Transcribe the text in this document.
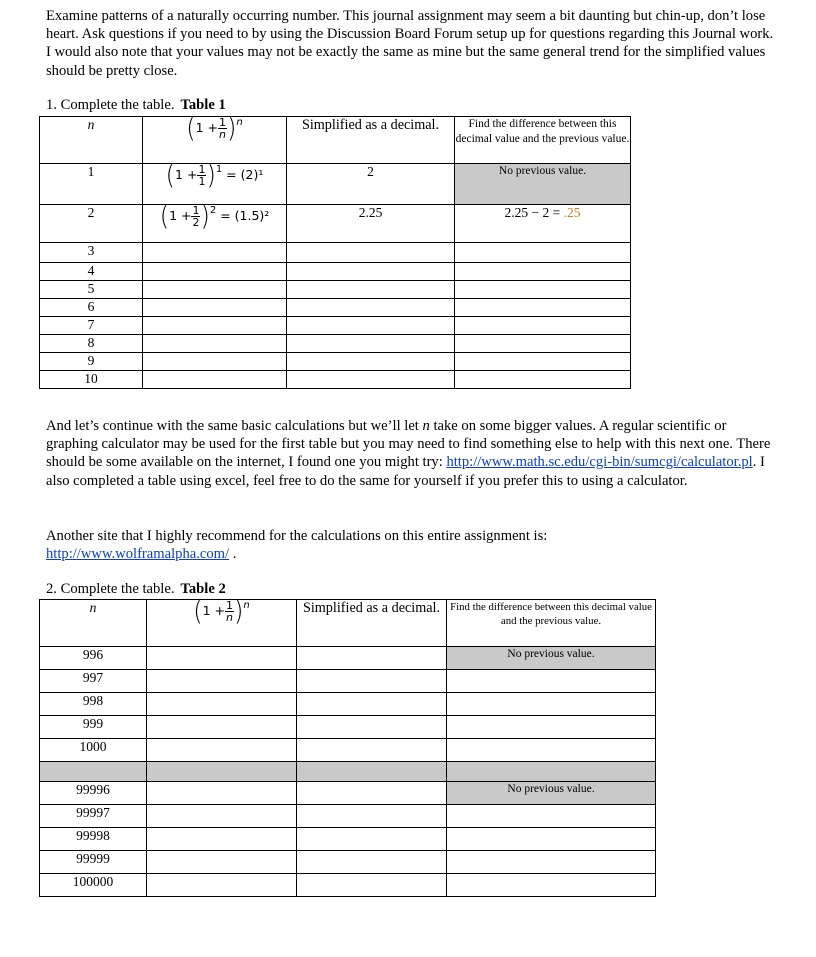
Examine patterns of a naturally occurring number. This journal assignment may seem a bit daunting but chin-up, don’t lose heart. Ask questions if you need to by using the Discussion Board Forum setup up for questions regarding this Journal work. I would also note that your values may not be exactly the same as mine but the same general trend for the simplified values should be pretty close.
1. Complete the table. Table 1
n	$(1 + \frac{1}{n} )^n$	Simplified as a decimal.	Find the difference between this decimal value and the previous value.
1	$(1 + \frac{1}{1} )^1 = (2)^1$	2	No previous value.
2	$(1 + \frac{1}{2} )^2 = (1.5)^2$	2.25	2.25 − 2 = .25
3			
4			
5			
6			
7			
8			
9			
10			
And let’s continue with the same basic calculations but we’ll let n take on some bigger values. A regular scientific or graphing calculator may be used for the first table but you may need to find something else to help with this next one. There should be some available on the internet, I found one you might try: http://www.math.sc.edu/cgi-bin/sumcgi/calculator.pl. I also completed a table using excel, feel free to do the same for yourself if you prefer this to using a calculator.
Another site that I highly recommend for the calculations on this entire assignment is:
http://www.wolframalpha.com/ .
2. Complete the table. Table 2
n	$(1 + \frac{1}{n} )^n$	Simplified as a decimal.	Find the difference between this decimal value and the previous value.
996			No previous value.
997			
998			
999			
1000			

99996			No previous value.
99997			
99998			
99999			
100000			
